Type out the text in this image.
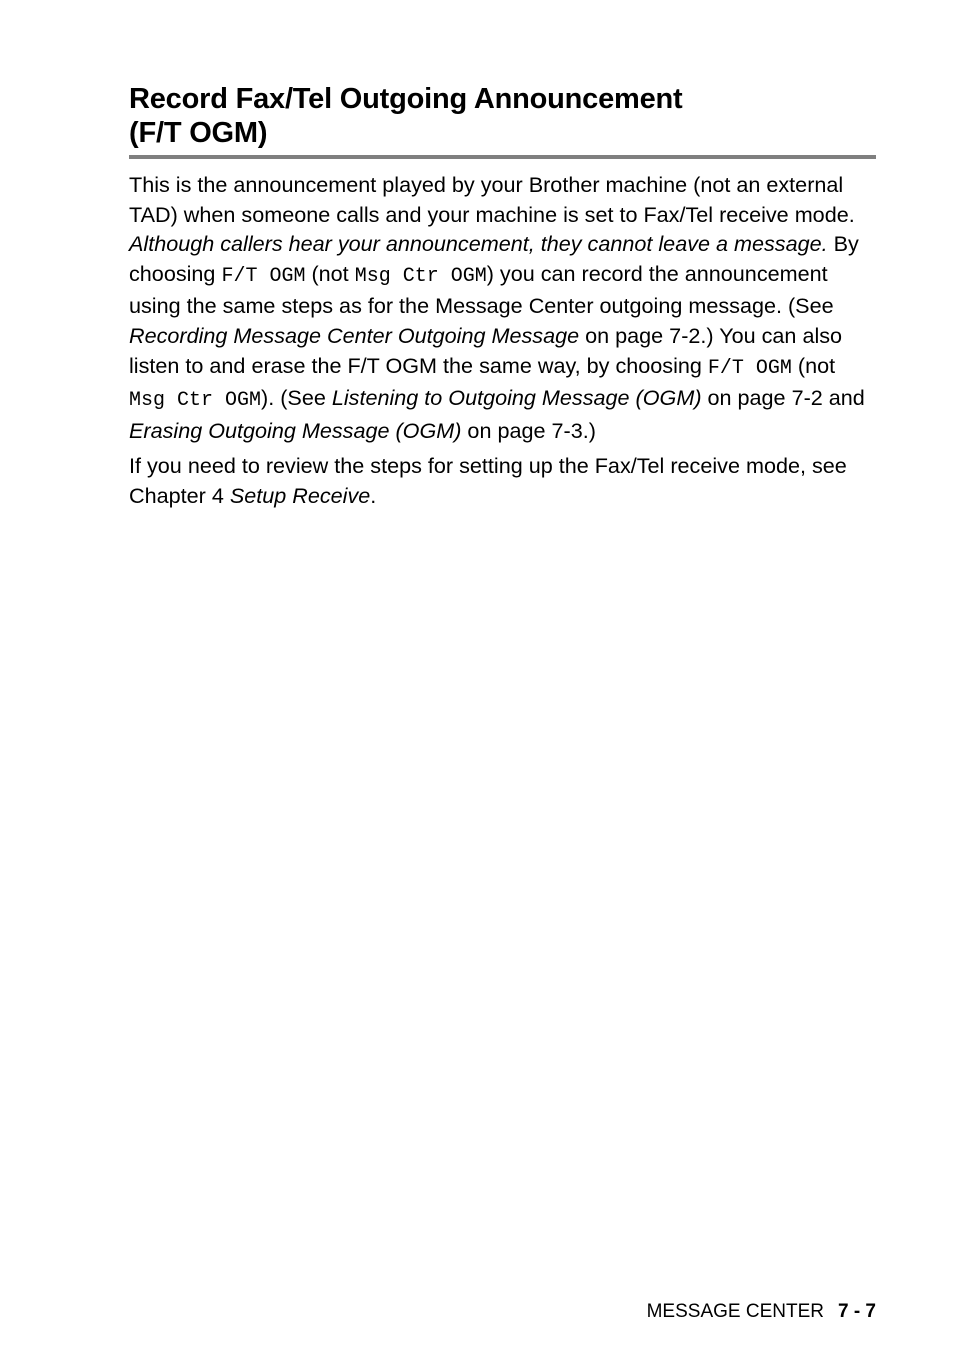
Record Fax/Tel Outgoing Announcement
(F/T OGM)

This is the announcement played by your Brother machine (not an external TAD) when someone calls and your machine is set to Fax/Tel receive mode. Although callers hear your announcement, they cannot leave a message. By choosing F/T OGM (not Msg Ctr OGM) you can record the announcement using the same steps as for the Message Center outgoing message. (See Recording Message Center Outgoing Message on page 7-2.) You can also listen to and erase the F/T OGM the same way, by choosing F/T OGM (not Msg Ctr OGM). (See Listening to Outgoing Message (OGM) on page 7-2 and Erasing Outgoing Message (OGM) on page 7-3.)

If you need to review the steps for setting up the Fax/Tel receive mode, see Chapter 4 Setup Receive.

MESSAGE CENTER 7 - 7
